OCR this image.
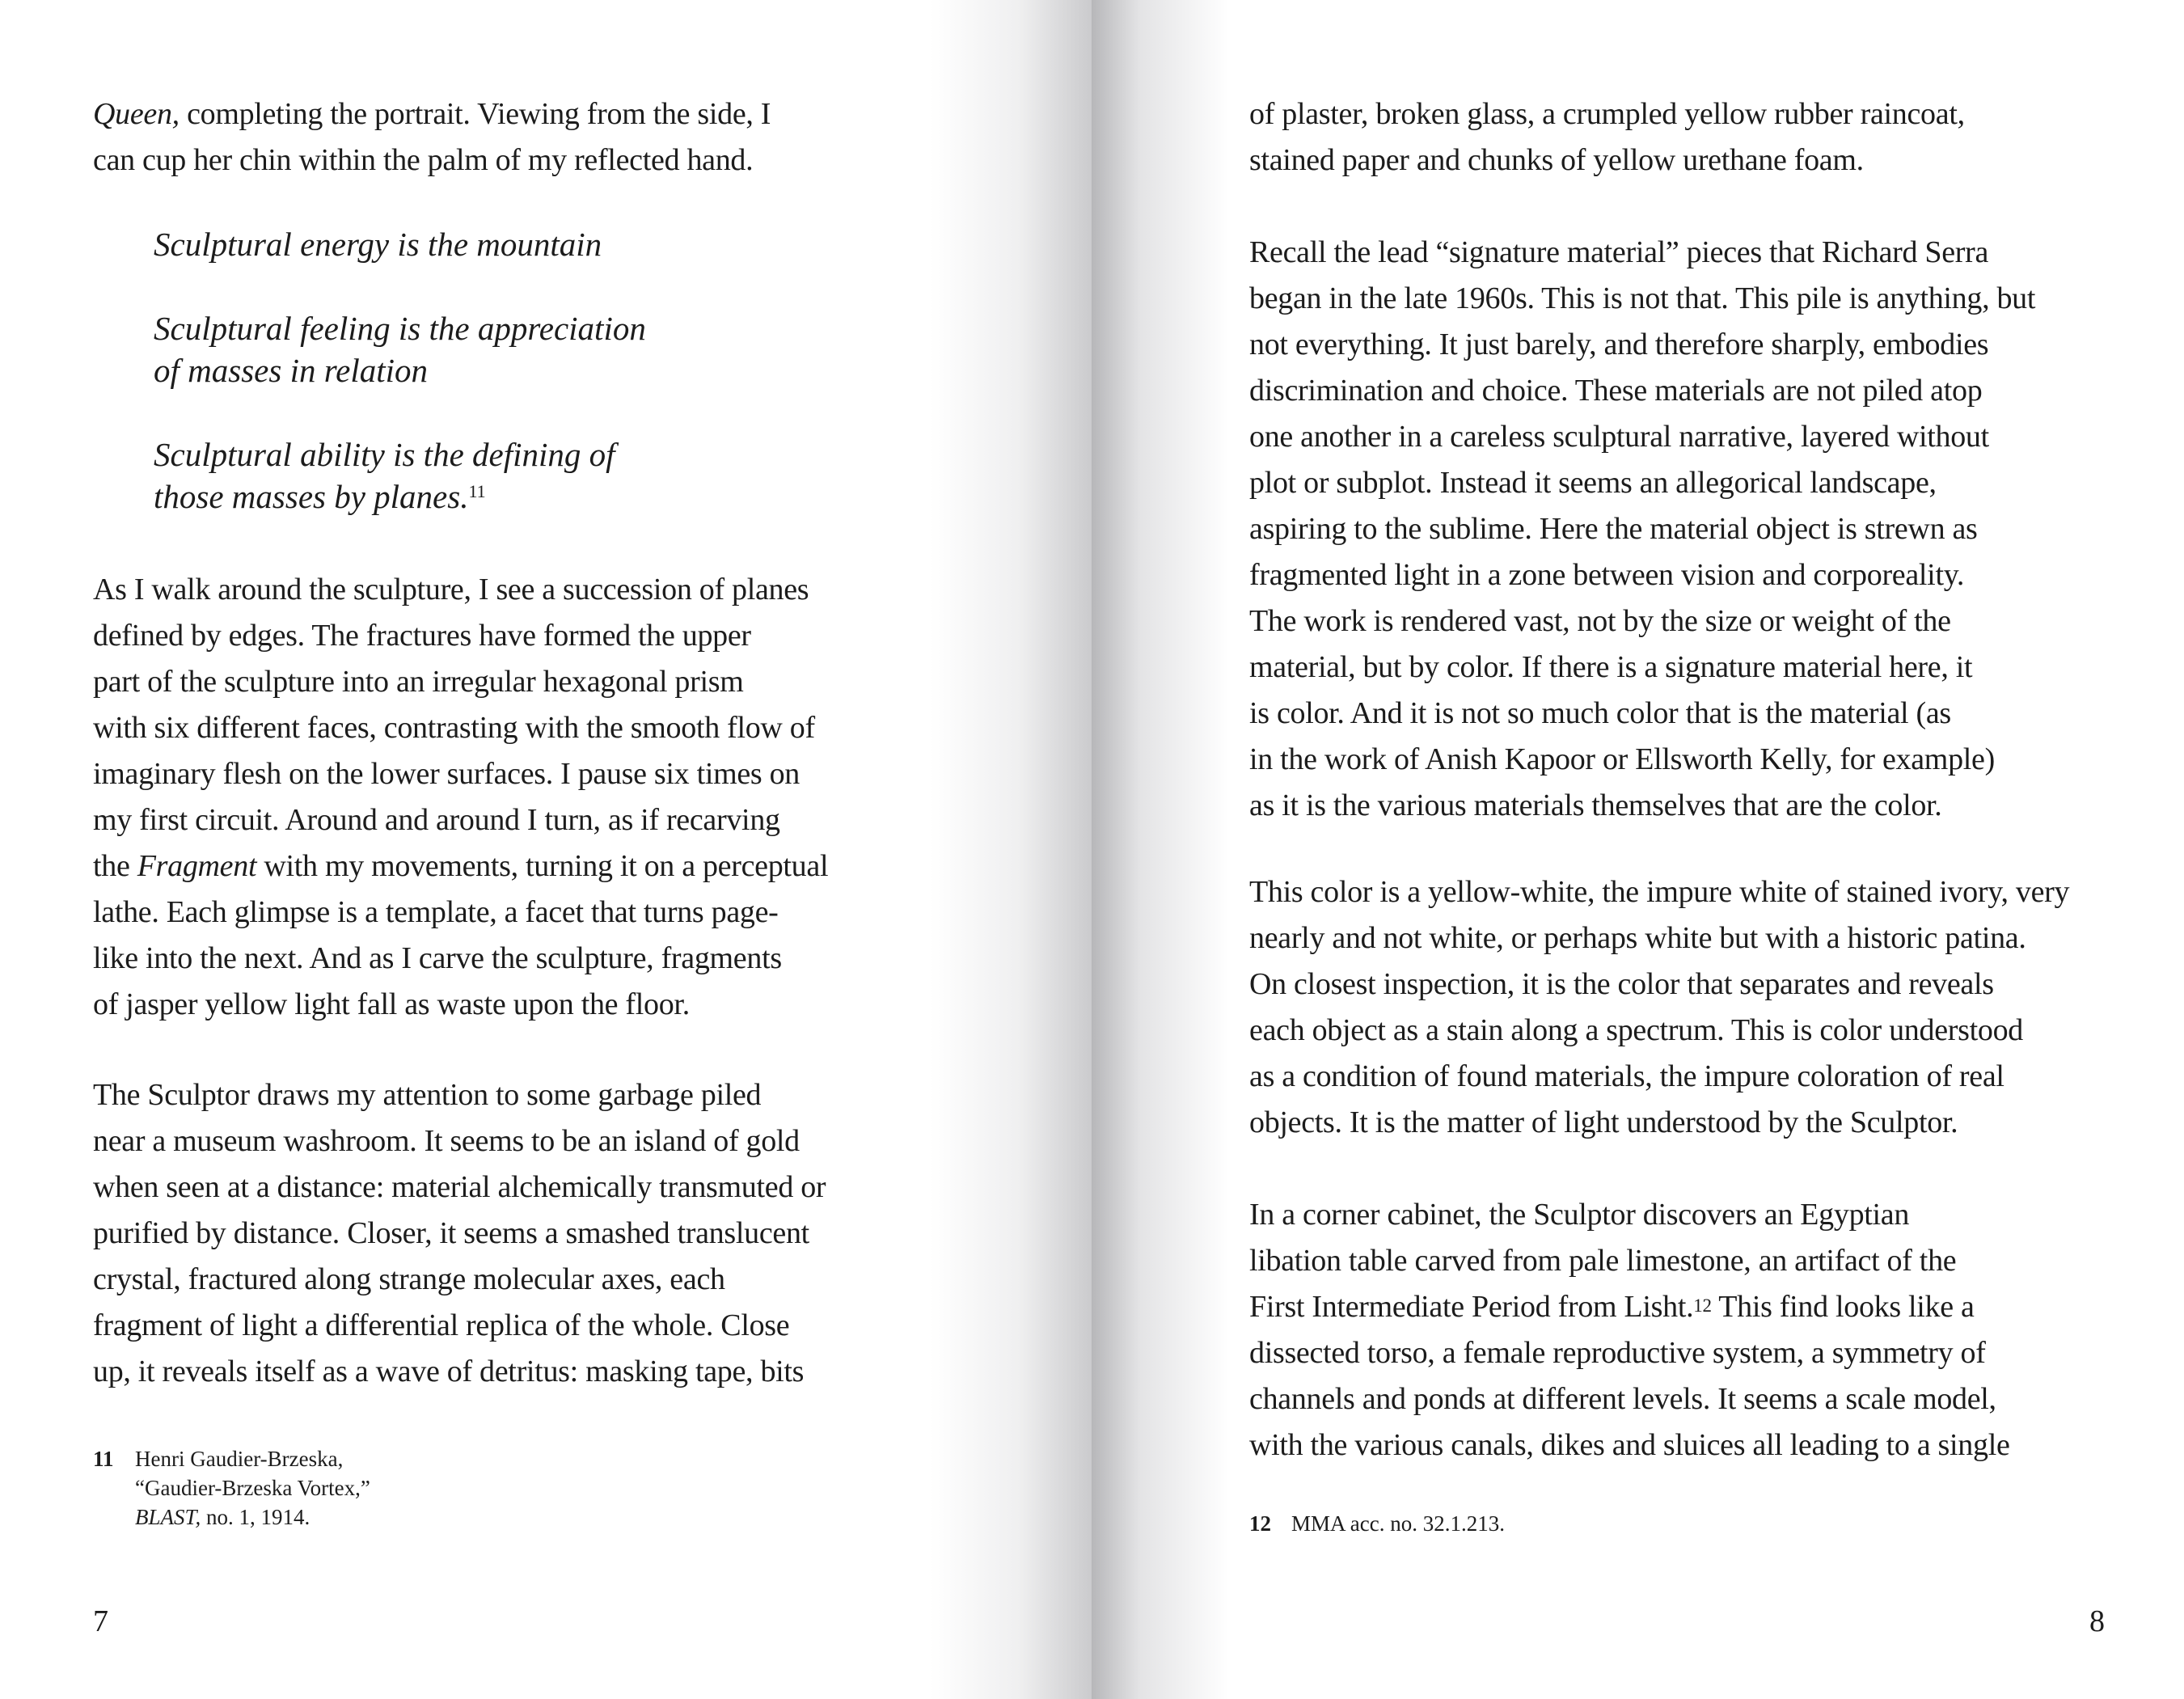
Queen, completing the portrait. Viewing from the side, I
can cup her chin within the palm of my reflected hand.

Sculptural energy is the mountain

Sculptural feeling is the appreciation
of masses in relation

Sculptural ability is the defining of
those masses by planes.$^{11}$

As I walk around the sculpture, I see a succession of planes
defined by edges. The fractures have formed the upper
part of the sculpture into an irregular hexagonal prism
with six different faces, contrasting with the smooth flow of
imaginary flesh on the lower surfaces. I pause six times on
my first circuit. Around and around I turn, as if recarving
the Fragment with my movements, turning it on a perceptual
lathe. Each glimpse is a template, a facet that turns page-
like into the next. And as I carve the sculpture, fragments
of jasper yellow light fall as waste upon the floor.

The Sculptor draws my attention to some garbage piled
near a museum washroom. It seems to be an island of gold
when seen at a distance: material alchemically transmuted or
purified by distance. Closer, it seems a smashed translucent
crystal, fractured along strange molecular axes, each
fragment of light a differential replica of the whole. Close
up, it reveals itself as a wave of detritus: masking tape, bits

11 Henri Gaudier-Brzeska,
“Gaudier-Brzeska Vortex,”
BLAST, no. 1, 1914.

7

of plaster, broken glass, a crumpled yellow rubber raincoat,
stained paper and chunks of yellow urethane foam.

Recall the lead “signature material” pieces that Richard Serra
began in the late 1960s. This is not that. This pile is anything, but
not everything. It just barely, and therefore sharply, embodies
discrimination and choice. These materials are not piled atop
one another in a careless sculptural narrative, layered without
plot or subplot. Instead it seems an allegorical landscape,
aspiring to the sublime. Here the material object is strewn as
fragmented light in a zone between vision and corporeality.
The work is rendered vast, not by the size or weight of the
material, but by color. If there is a signature material here, it
is color. And it is not so much color that is the material (as
in the work of Anish Kapoor or Ellsworth Kelly, for example)
as it is the various materials themselves that are the color.

This color is a yellow-white, the impure white of stained ivory, very
nearly and not white, or perhaps white but with a historic patina.
On closest inspection, it is the color that separates and reveals
each object as a stain along a spectrum. This is color understood
as a condition of found materials, the impure coloration of real
objects. It is the matter of light understood by the Sculptor.

In a corner cabinet, the Sculptor discovers an Egyptian
libation table carved from pale limestone, an artifact of the
First Intermediate Period from Lisht.$^{12}$ This find looks like a
dissected torso, a female reproductive system, a symmetry of
channels and ponds at different levels. It seems a scale model,
with the various canals, dikes and sluices all leading to a single

12 MMA acc. no. 32.1.213.

8
